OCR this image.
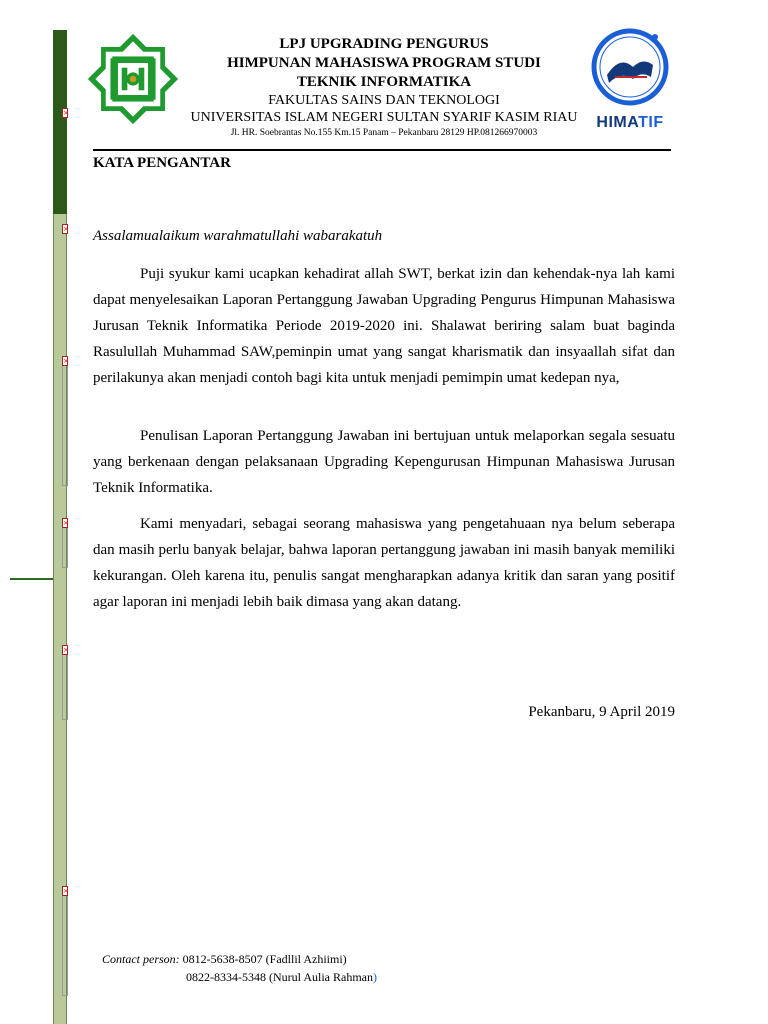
×
×
×
×
×
×
LPJ UPGRADING PENGURUS
HIMPUNAN MAHASISWA PROGRAM STUDI
TEKNIK INFORMATIKA
FAKULTAS SAINS DAN TEKNOLOGI
UNIVERSITAS ISLAM NEGERI SULTAN SYARIF KASIM RIAU
Jl. HR. Soebrantas No.155 Km.15 Panam – Pekanbaru 28129 HP.081266970003
HIMATIF
KATA PENGANTAR
Assalamualaikum warahmatullahi wabarakatuh

Puji syukur kami ucapkan kehadirat allah SWT, berkat izin dan kehendak-nya lah kami dapat menyelesaikan Laporan Pertanggung Jawaban Upgrading Pengurus Himpunan Mahasiswa Jurusan Teknik Informatika Periode 2019-2020 ini. Shalawat beriring salam buat baginda Rasulullah Muhammad SAW,peminpin umat yang sangat kharismatik dan insyaallah sifat dan perilakunya akan menjadi contoh bagi kita untuk menjadi pemimpin umat kedepan nya,

Penulisan Laporan Pertanggung Jawaban ini bertujuan untuk melaporkan segala sesuatu yang berkenaan dengan pelaksanaan Upgrading Kepengurusan Himpunan Mahasiswa Jurusan Teknik Informatika.

Kami menyadari, sebagai seorang mahasiswa yang pengetahuaan nya belum seberapa dan masih perlu banyak belajar, bahwa laporan pertanggung jawaban ini masih banyak memiliki kekurangan. Oleh karena itu, penulis sangat mengharapkan adanya kritik dan saran yang positif agar laporan ini menjadi lebih baik dimasa yang akan datang.

Pekanbaru, 9 April 2019
Contact person: 0812-5638-8507 (Fadllil Azhiimi)
0822-8334-5348 (Nurul Aulia Rahman)
